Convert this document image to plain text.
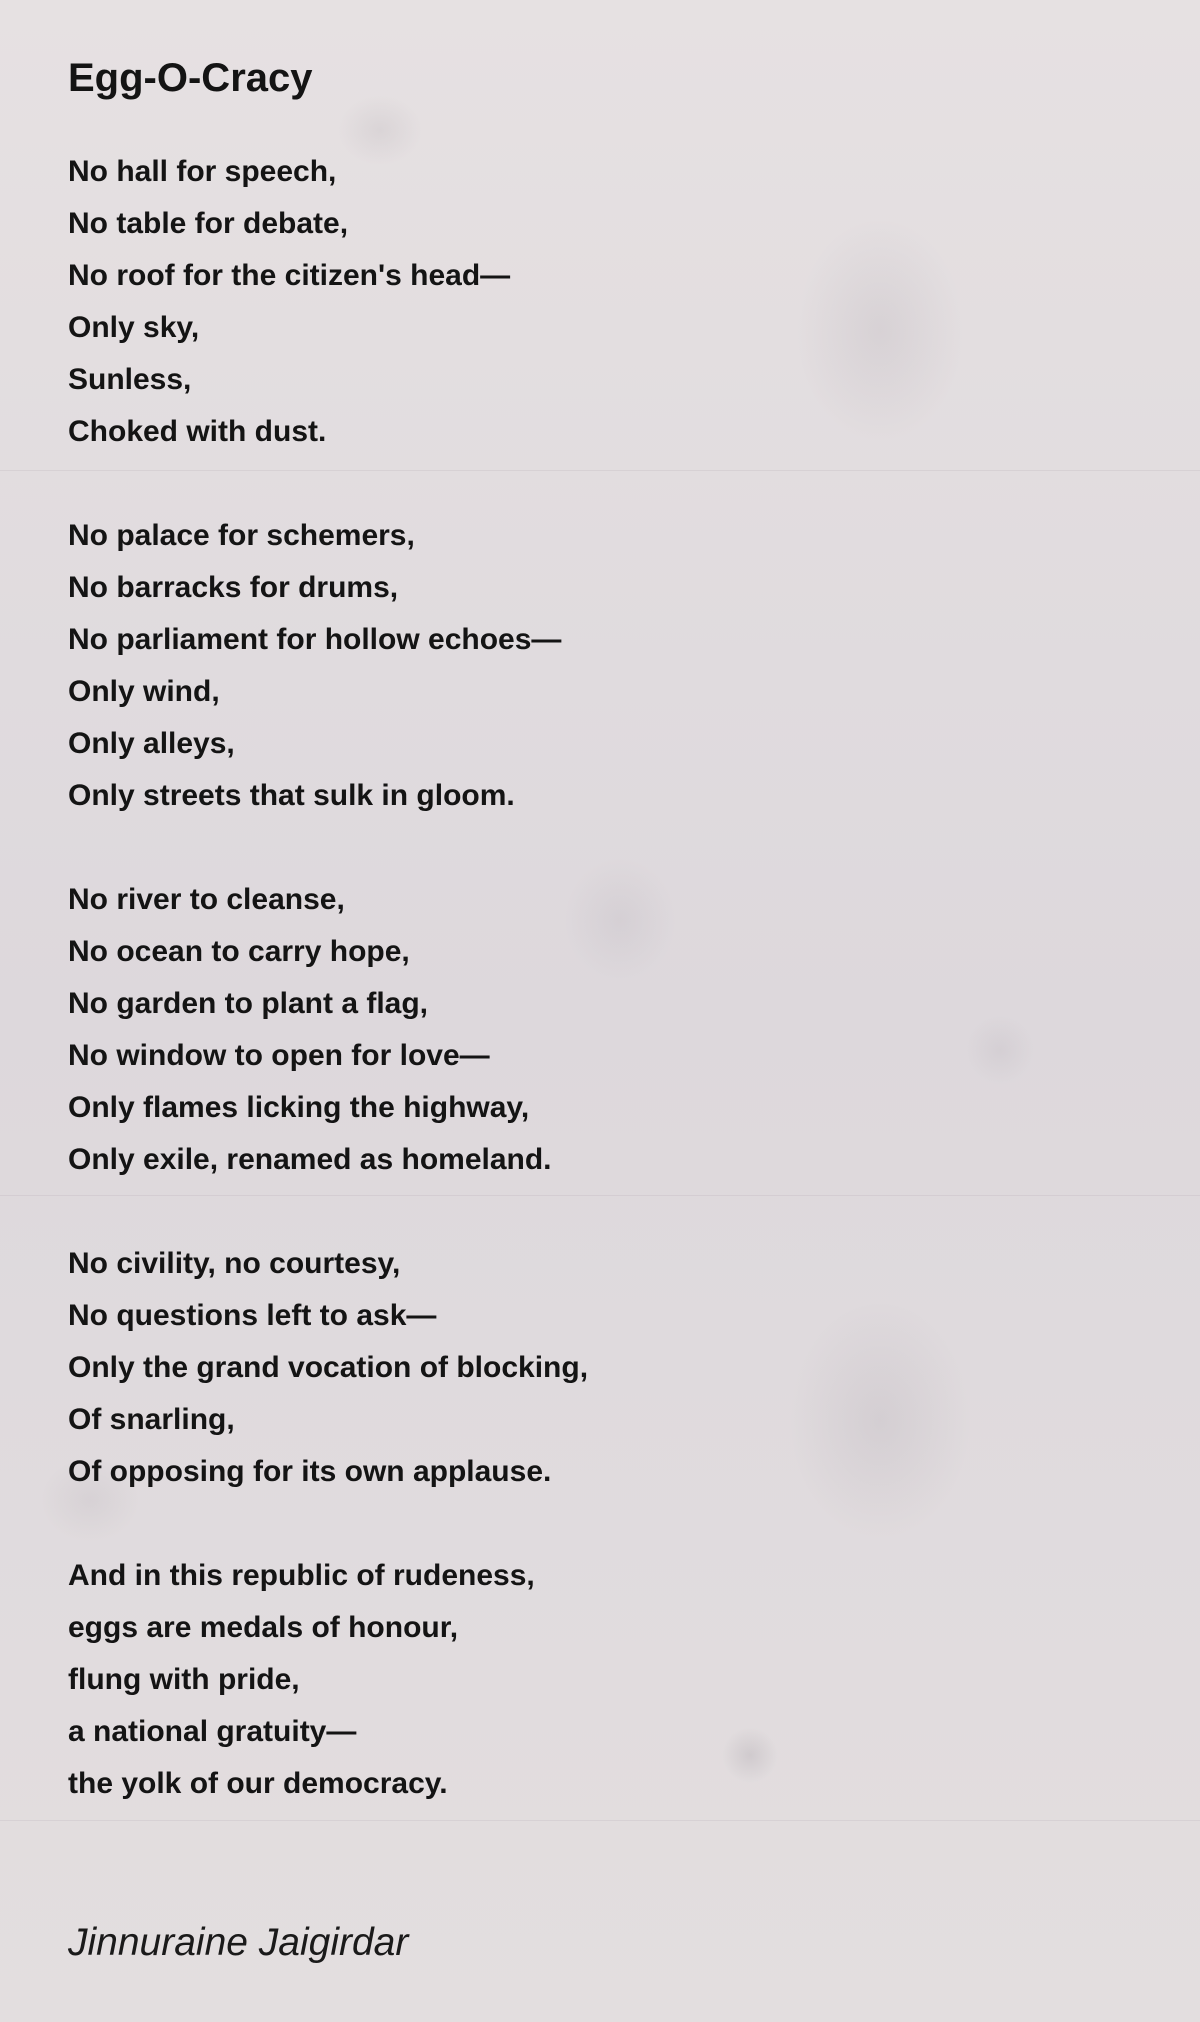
Egg-O-Cracy
No hall for speech,
No table for debate,
No roof for the citizen's head—
Only sky,
Sunless,
Choked with dust.
No palace for schemers,
No barracks for drums,
No parliament for hollow echoes—
Only wind,
Only alleys,
Only streets that sulk in gloom.
No river to cleanse,
No ocean to carry hope,
No garden to plant a flag,
No window to open for love—
Only flames licking the highway,
Only exile, renamed as homeland.
No civility, no courtesy,
No questions left to ask—
Only the grand vocation of blocking,
Of snarling,
Of opposing for its own applause.
And in this republic of rudeness,
eggs are medals of honour,
flung with pride,
a national gratuity—
the yolk of our democracy.

Jinnuraine Jaigirdar
